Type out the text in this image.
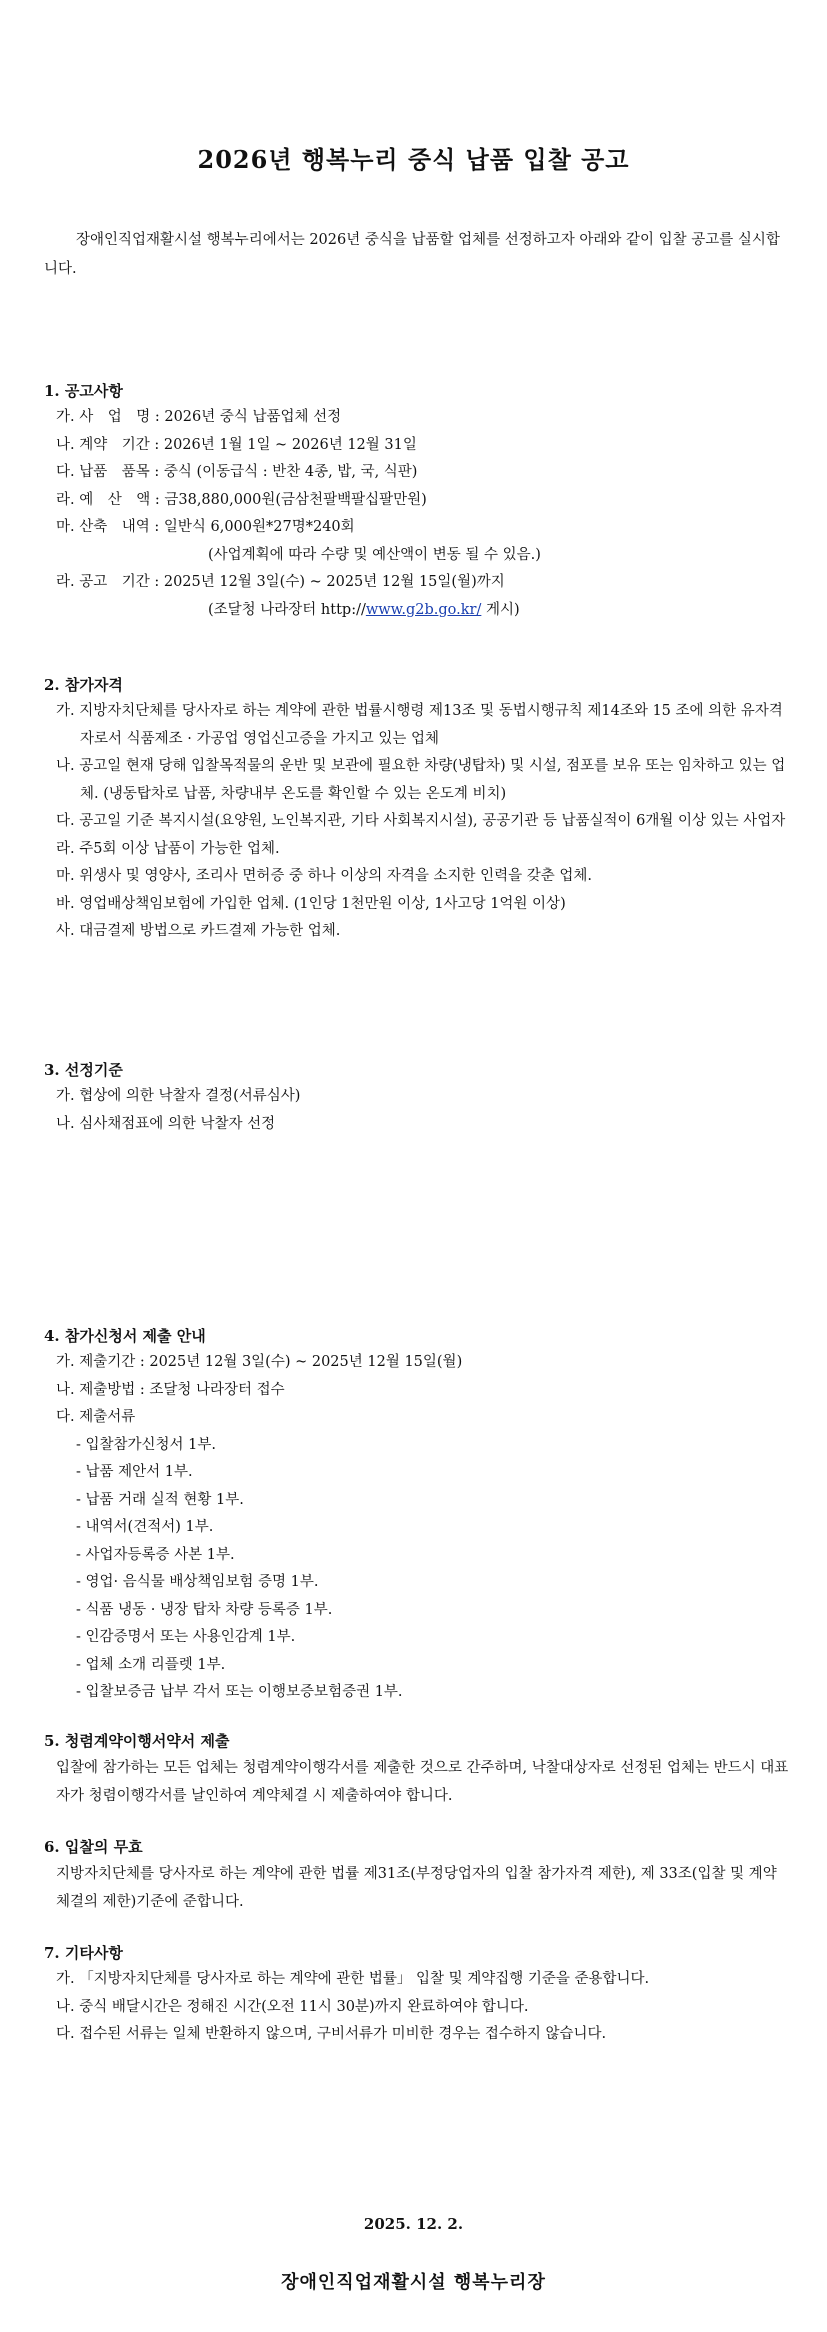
2026년 행복누리 중식 납품 입찰 공고

장애인직업재활시설 행복누리에서는 2026년 중식을 납품할 업체를 선정하고자 아래와 같이 입찰 공고를 실시합니다.

1. 공고사항

가. 사　업　명 : 2026년 중식 납품업체 선정
나. 계약　기간 : 2026년 1월 1일 ~ 2026년 12월 31일
다. 납품　품목 : 중식 (이동급식 : 반찬 4종, 밥, 국, 식판)
라. 예　산　액 : 금38,880,000원(금삼천팔백팔십팔만원)
마. 산축　내역 : 일반식 6,000원*27명*240회
(사업계획에 따라 수량 및 예산액이 변동 될 수 있음.)
라. 공고　기간 : 2025년 12월 3일(수) ~ 2025년 12월 15일(월)까지
(조달청 나라장터 http://www.g2b.go.kr/ 게시)

2. 참가자격

가. 지방자치단체를 당사자로 하는 계약에 관한 법률시행령 제13조 및 동법시행규칙 제14조와 15 조에 의한 유자격자로서 식품제조 · 가공업 영업신고증을 가지고 있는 업체
나. 공고일 현재 당해 입찰목적물의 운반 및 보관에 필요한 차량(냉탑차) 및 시설, 점포를 보유 또는 임차하고 있는 업체. (냉동탑차로 납품, 차량내부 온도를 확인할 수 있는 온도계 비치)
다. 공고일 기준 복지시설(요양원, 노인복지관, 기타 사회복지시설), 공공기관 등 납품실적이 6개월 이상 있는 사업자
라. 주5회 이상 납품이 가능한 업체.
마. 위생사 및 영양사, 조리사 면허증 중 하나 이상의 자격을 소지한 인력을 갖춘 업체.
바. 영업배상책임보험에 가입한 업체. (1인당 1천만원 이상, 1사고당 1억원 이상)
사. 대금결제 방법으로 카드결제 가능한 업체.

3. 선정기준

가. 협상에 의한 낙찰자 결정(서류심사)
나. 심사채점표에 의한 낙찰자 선정

4. 참가신청서 제출 안내

가. 제출기간 : 2025년 12월 3일(수) ~ 2025년 12월 15일(월)
나. 제출방법 : 조달청 나라장터 접수
다. 제출서류
- 입찰참가신청서 1부.
- 납품 제안서 1부.
- 납품 거래 실적 현황 1부.
- 내역서(견적서) 1부.
- 사업자등록증 사본 1부.
- 영업· 음식물 배상책임보험 증명 1부.
- 식품 냉동 · 냉장 탑차 차량 등록증 1부.
- 인감증명서 또는 사용인감계 1부.
- 업체 소개 리플렛 1부.
- 입찰보증금 납부 각서 또는 이행보증보험증권 1부.

5. 청렴계약이행서약서 제출

입찰에 참가하는 모든 업체는 청렴계약이행각서를 제출한 것으로 간주하며, 낙찰대상자로 선정된 업체는 반드시 대표자가 청렴이행각서를 날인하여 계약체결 시 제출하여야 합니다.

6. 입찰의 무효

지방자치단체를 당사자로 하는 계약에 관한 법률 제31조(부정당업자의 입찰 참가자격 제한), 제 33조(입찰 및 계약체결의 제한)기준에 준합니다.

7. 기타사항

가. 「지방자치단체를 당사자로 하는 계약에 관한 법률」 입찰 및 계약집행 기준을 준용합니다.
나. 중식 배달시간은 정해진 시간(오전 11시 30분)까지 완료하여야 합니다.
다. 접수된 서류는 일체 반환하지 않으며, 구비서류가 미비한 경우는 접수하지 않습니다.

2025. 12. 2.

장애인직업재활시설 행복누리장
